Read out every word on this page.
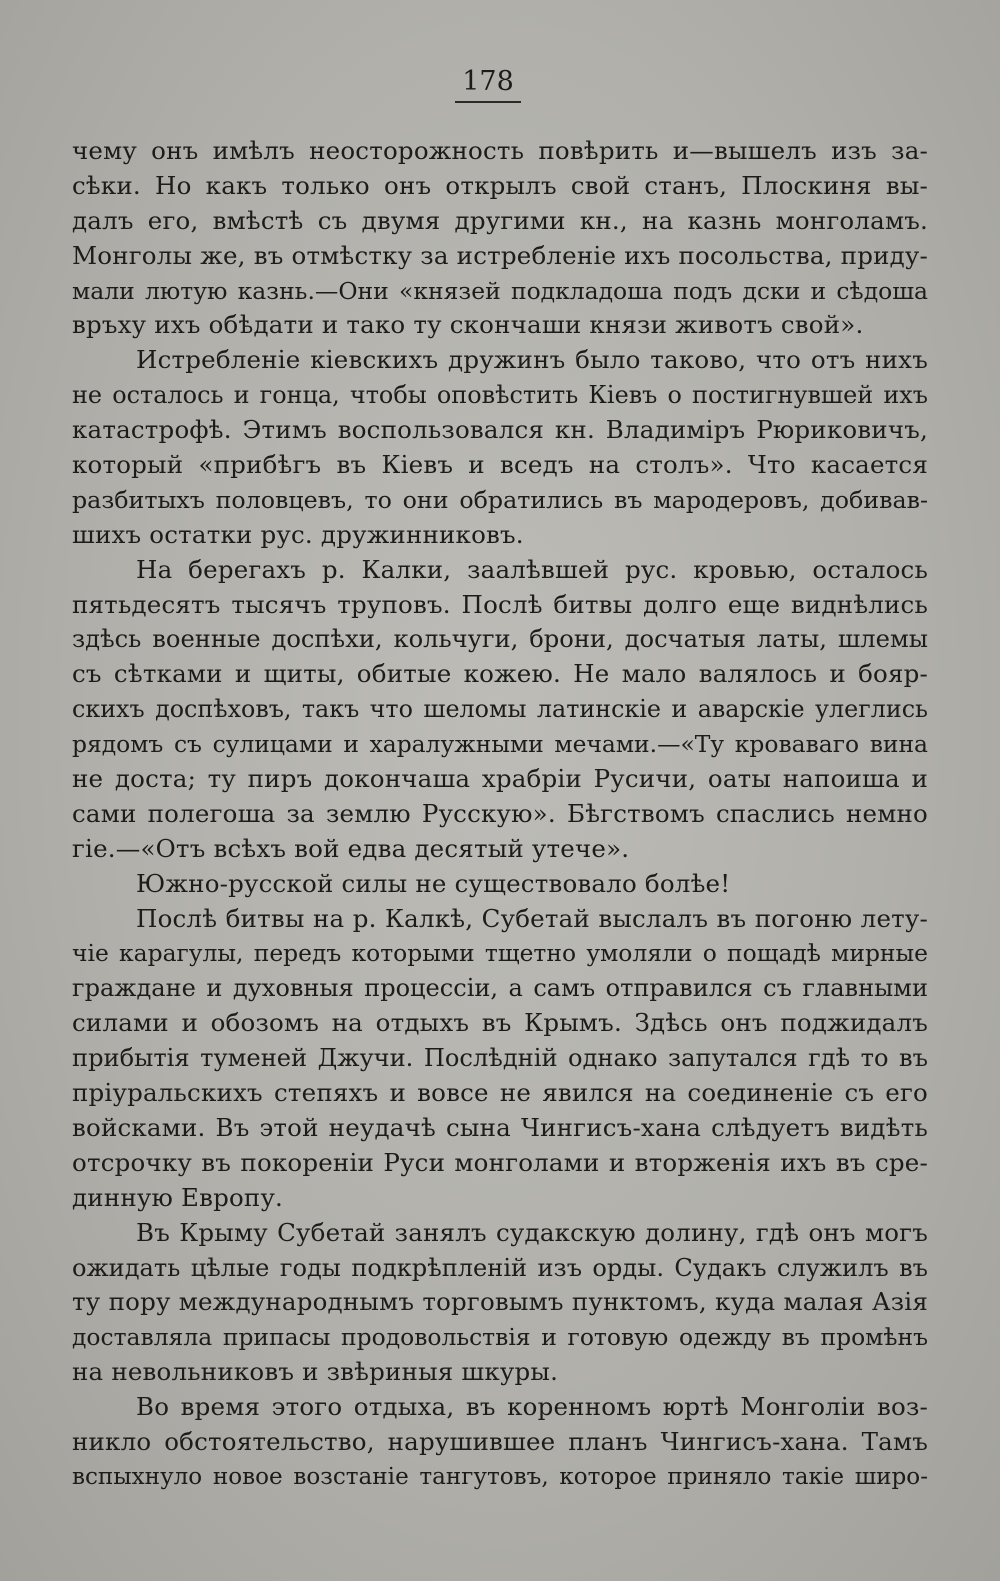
178
чему онъ имѣлъ неосторожность повѣрить и—вышелъ изъ за-
сѣки. Но какъ только онъ открылъ свой станъ, Плоскиня вы-
далъ его, вмѣстѣ съ двумя другими кн., на казнь монголамъ.
Монголы же, въ отмѣстку за истребленіе ихъ посольства, приду-
мали лютую казнь.—Они «князей подкладоша подъ дски и сѣдоша
връху ихъ обѣдати и тако ту скончаши князи животъ свой».
Истребленіе кіевскихъ дружинъ было таково, что отъ нихъ
не осталось и гонца, чтобы оповѣстить Кіевъ о постигнувшей ихъ
катастрофѣ. Этимъ воспользовался кн. Владиміръ Рюриковичъ,
который «прибѣгъ въ Кіевъ и вседъ на столъ». Что касается
разбитыхъ половцевъ, то они обратились въ мародеровъ, добивав-
шихъ остатки рус. дружинниковъ.
На берегахъ р. Калки, заалѣвшей рус. кровью, осталось
пятьдесятъ тысячъ труповъ. Послѣ битвы долго еще виднѣлись
здѣсь военные доспѣхи, кольчуги, брони, досчатыя латы, шлемы
съ сѣтками и щиты, обитые кожею. Не мало валялось и бояр-
скихъ доспѣховъ, такъ что шеломы латинскіе и аварскіе улеглись
рядомъ съ сулицами и харалужными мечами.—«Ту кроваваго вина
не доста; ту пиръ докончаша храбріи Русичи, оаты напоиша и
сами полегоша за землю Русскую». Бѣгствомъ спаслись немно
гіе.—«Отъ всѣхъ вой едва десятый утече».
Южно-русской силы не существовало болѣе!
Послѣ битвы на р. Калкѣ, Субетай выслалъ въ погоню лету-
чіе карагулы, передъ которыми тщетно умоляли о пощадѣ мирные
граждане и духовныя процессіи, а самъ отправился съ главными
силами и обозомъ на отдыхъ въ Крымъ. Здѣсь онъ поджидалъ
прибытія туменей Джучи. Послѣдній однако запутался гдѣ то въ
пріуральскихъ степяхъ и вовсе не явился на соединеніе съ его
войсками. Въ этой неудачѣ сына Чингисъ-хана слѣдуетъ видѣть
отсрочку въ покореніи Руси монголами и вторженія ихъ въ сре-
динную Европу.
Въ Крыму Субетай занялъ судакскую долину, гдѣ онъ могъ
ожидать цѣлые годы подкрѣпленій изъ орды. Судакъ служилъ въ
ту пору международнымъ торговымъ пунктомъ, куда малая Азія
доставляла припасы продовольствія и готовую одежду въ промѣнъ
на невольниковъ и звѣриныя шкуры.
Во время этого отдыха, въ коренномъ юртѣ Монголіи воз-
никло обстоятельство, нарушившее планъ Чингисъ-хана. Тамъ
вспыхнуло новое возстаніе тангутовъ, которое приняло такіе широ-
